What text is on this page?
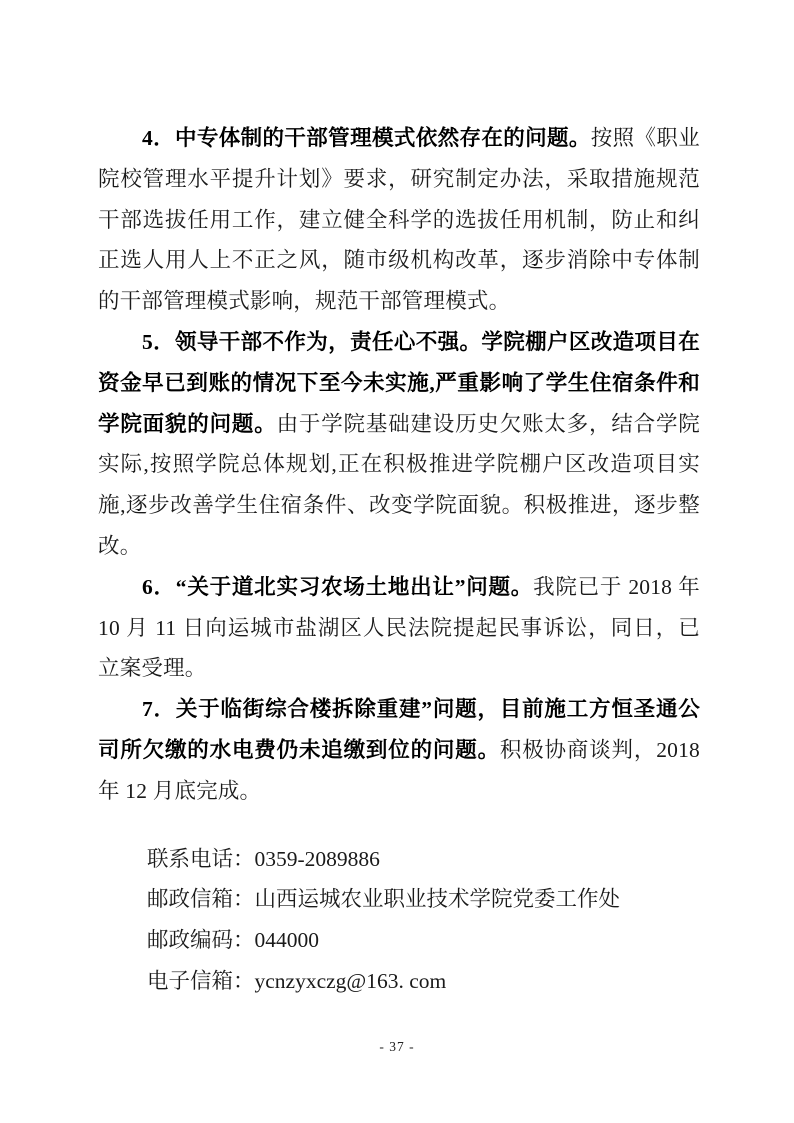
4．中专体制的干部管理模式依然存在的问题。按照《职业院校管理水平提升计划》要求，研究制定办法，采取措施规范干部选拔任用工作，建立健全科学的选拔任用机制，防止和纠正选人用人上不正之风，随市级机构改革，逐步消除中专体制的干部管理模式影响，规范干部管理模式。

5．领导干部不作为，责任心不强。学院棚户区改造项目在资金早已到账的情况下至今未实施,严重影响了学生住宿条件和学院面貌的问题。由于学院基础建设历史欠账太多，结合学院实际,按照学院总体规划,正在积极推进学院棚户区改造项目实施,逐步改善学生住宿条件、改变学院面貌。积极推进，逐步整改。

6．“关于道北实习农场土地出让”问题。我院已于 2018 年 10 月 11 日向运城市盐湖区人民法院提起民事诉讼，同日，已立案受理。

7．关于临街综合楼拆除重建”问题，目前施工方恒圣通公司所欠缴的水电费仍未追缴到位的问题。积极协商谈判，2018 年 12 月底完成。

联系电话：0359-2089886

邮政信箱：山西运城农业职业技术学院党委工作处

邮政编码：044000

电子信箱：ycnzyxczg@163. com

- 37 -
